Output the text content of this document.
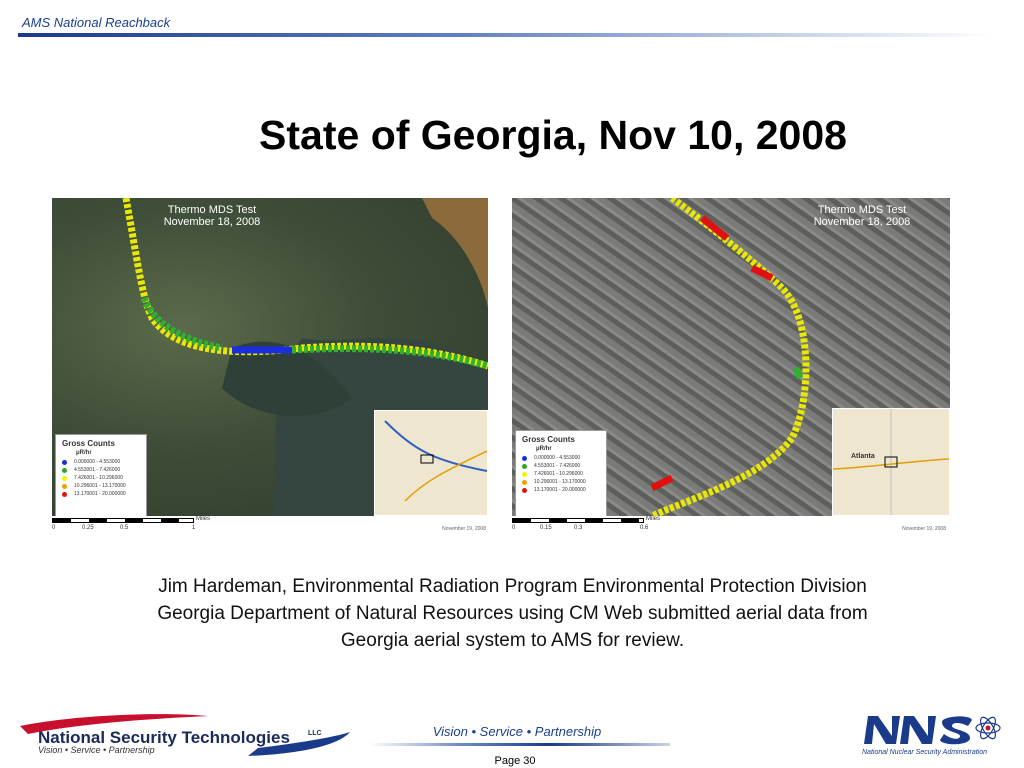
AMS National Reachback
State of Georgia, Nov 10, 2008
Thermo MDS Test
November 18, 2008
Gross Counts
μR/hr
0.000000 - 4.553000
4.553001 - 7.426000
7.426001 - 10.296000
10.296001 - 13.170000
13.170001 - 20.000000
Miles
0	0.25	0.5	1	November 19, 2008
Thermo MDS Test
November 18, 2008
Gross Counts
μR/hr
0.000000 - 4.553000
4.553001 - 7.426000
7.426001 - 10.296000
10.296001 - 13.170000
13.170001 - 20.000000
Atlanta
Miles
0	0.15	0.3	0.6	November 19, 2008
Jim Hardeman, Environmental Radiation Program Environmental Protection Division
Georgia Department of Natural Resources using CM Web submitted aerial data from
Georgia aerial system to AMS for review.
National Security Technologies	LLC
Vision • Service • Partnership
Vision • Service • Partnership
Page 30
National Nuclear Security Administration
